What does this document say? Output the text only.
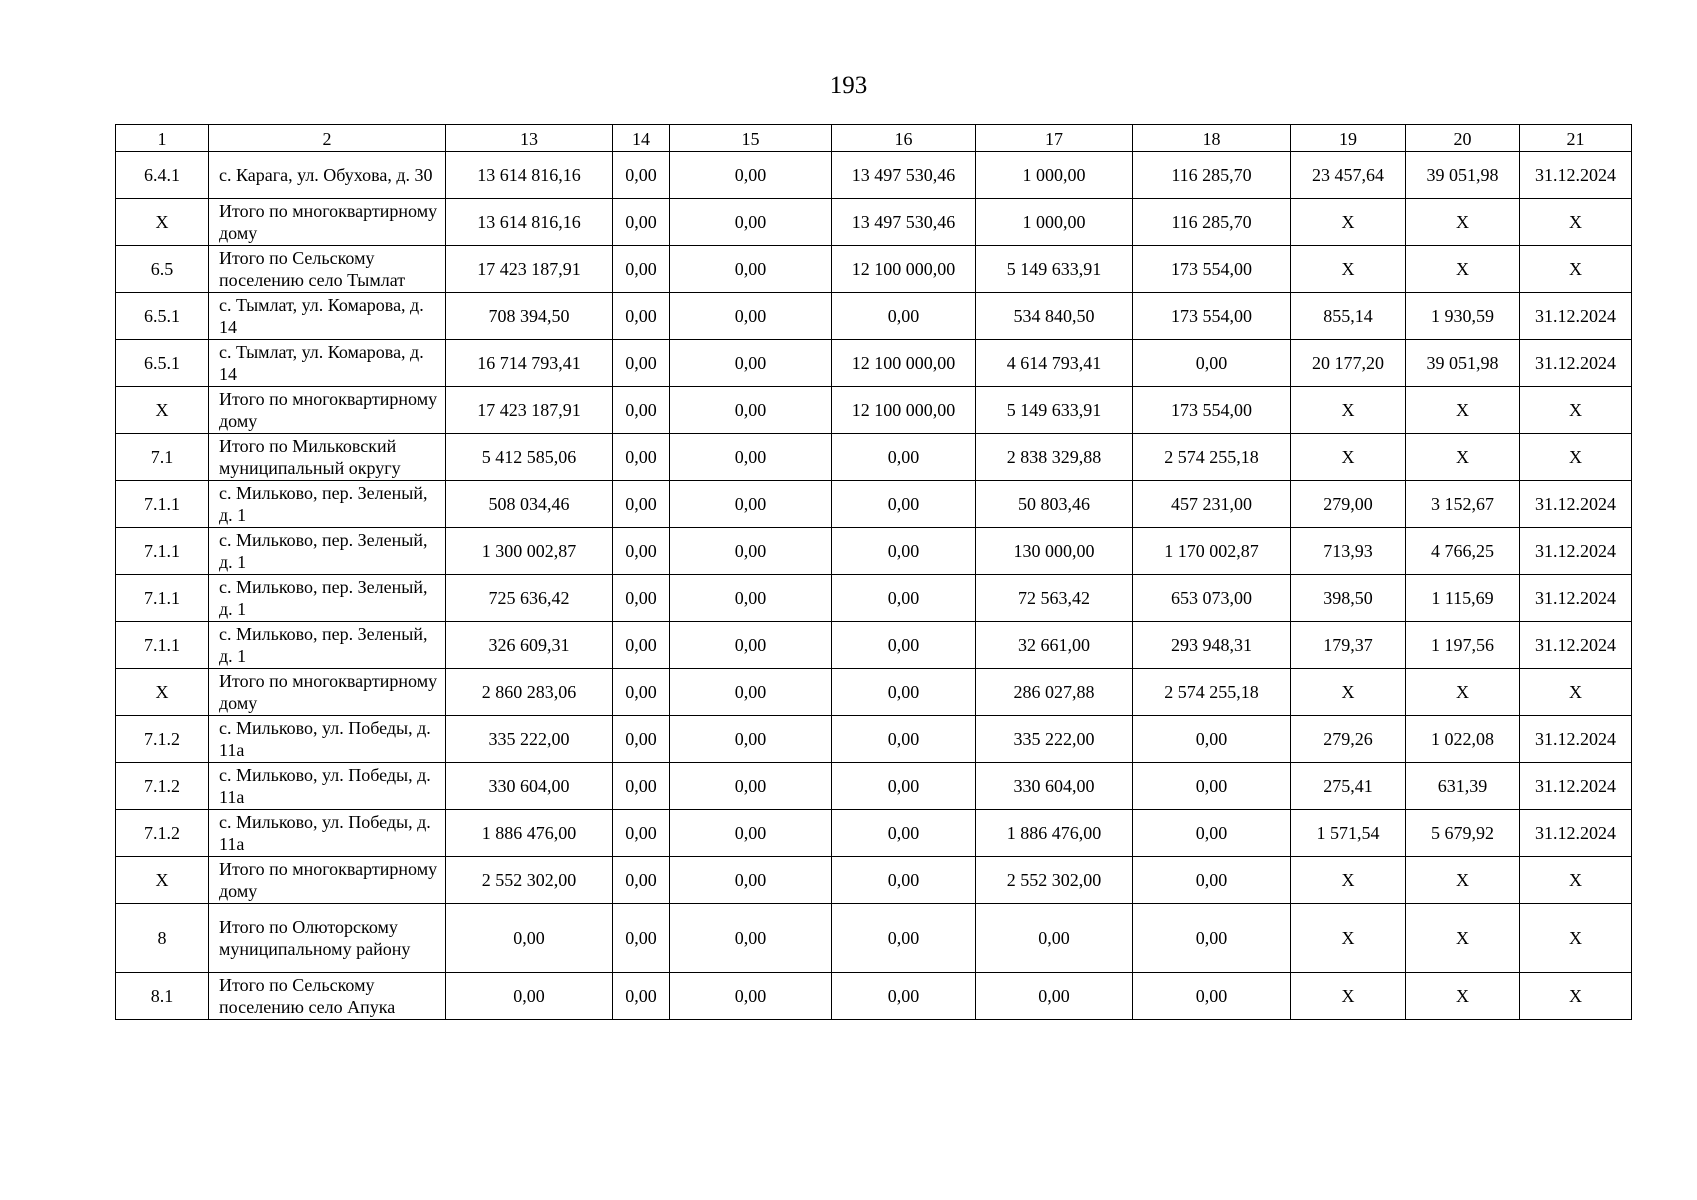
193
1	2	13	14	15	16	17	18	19	20	21
6.4.1	с. Карага, ул. Обухова, д. 30	13 614 816,16	0,00	0,00	13 497 530,46	1 000,00	116 285,70	23 457,64	39 051,98	31.12.2024
X	Итого по многоквартирному дому	13 614 816,16	0,00	0,00	13 497 530,46	1 000,00	116 285,70	X	X	X
6.5	Итого по Сельскому поселению село Тымлат	17 423 187,91	0,00	0,00	12 100 000,00	5 149 633,91	173 554,00	X	X	X
6.5.1	с. Тымлат, ул. Комарова, д. 14	708 394,50	0,00	0,00	0,00	534 840,50	173 554,00	855,14	1 930,59	31.12.2024
6.5.1	с. Тымлат, ул. Комарова, д. 14	16 714 793,41	0,00	0,00	12 100 000,00	4 614 793,41	0,00	20 177,20	39 051,98	31.12.2024
X	Итого по многоквартирному дому	17 423 187,91	0,00	0,00	12 100 000,00	5 149 633,91	173 554,00	X	X	X
7.1	Итого по Мильковский муниципальный округу	5 412 585,06	0,00	0,00	0,00	2 838 329,88	2 574 255,18	X	X	X
7.1.1	с. Мильково, пер. Зеленый, д. 1	508 034,46	0,00	0,00	0,00	50 803,46	457 231,00	279,00	3 152,67	31.12.2024
7.1.1	с. Мильково, пер. Зеленый, д. 1	1 300 002,87	0,00	0,00	0,00	130 000,00	1 170 002,87	713,93	4 766,25	31.12.2024
7.1.1	с. Мильково, пер. Зеленый, д. 1	725 636,42	0,00	0,00	0,00	72 563,42	653 073,00	398,50	1 115,69	31.12.2024
7.1.1	с. Мильково, пер. Зеленый, д. 1	326 609,31	0,00	0,00	0,00	32 661,00	293 948,31	179,37	1 197,56	31.12.2024
X	Итого по многоквартирному дому	2 860 283,06	0,00	0,00	0,00	286 027,88	2 574 255,18	X	X	X
7.1.2	с. Мильково, ул. Победы, д. 11а	335 222,00	0,00	0,00	0,00	335 222,00	0,00	279,26	1 022,08	31.12.2024
7.1.2	с. Мильково, ул. Победы, д. 11а	330 604,00	0,00	0,00	0,00	330 604,00	0,00	275,41	631,39	31.12.2024
7.1.2	с. Мильково, ул. Победы, д. 11а	1 886 476,00	0,00	0,00	0,00	1 886 476,00	0,00	1 571,54	5 679,92	31.12.2024
X	Итого по многоквартирному дому	2 552 302,00	0,00	0,00	0,00	2 552 302,00	0,00	X	X	X
8	Итого по Олюторскому муниципальному району	0,00	0,00	0,00	0,00	0,00	0,00	X	X	X
8.1	Итого по Сельскому поселению село Апука	0,00	0,00	0,00	0,00	0,00	0,00	X	X	X
